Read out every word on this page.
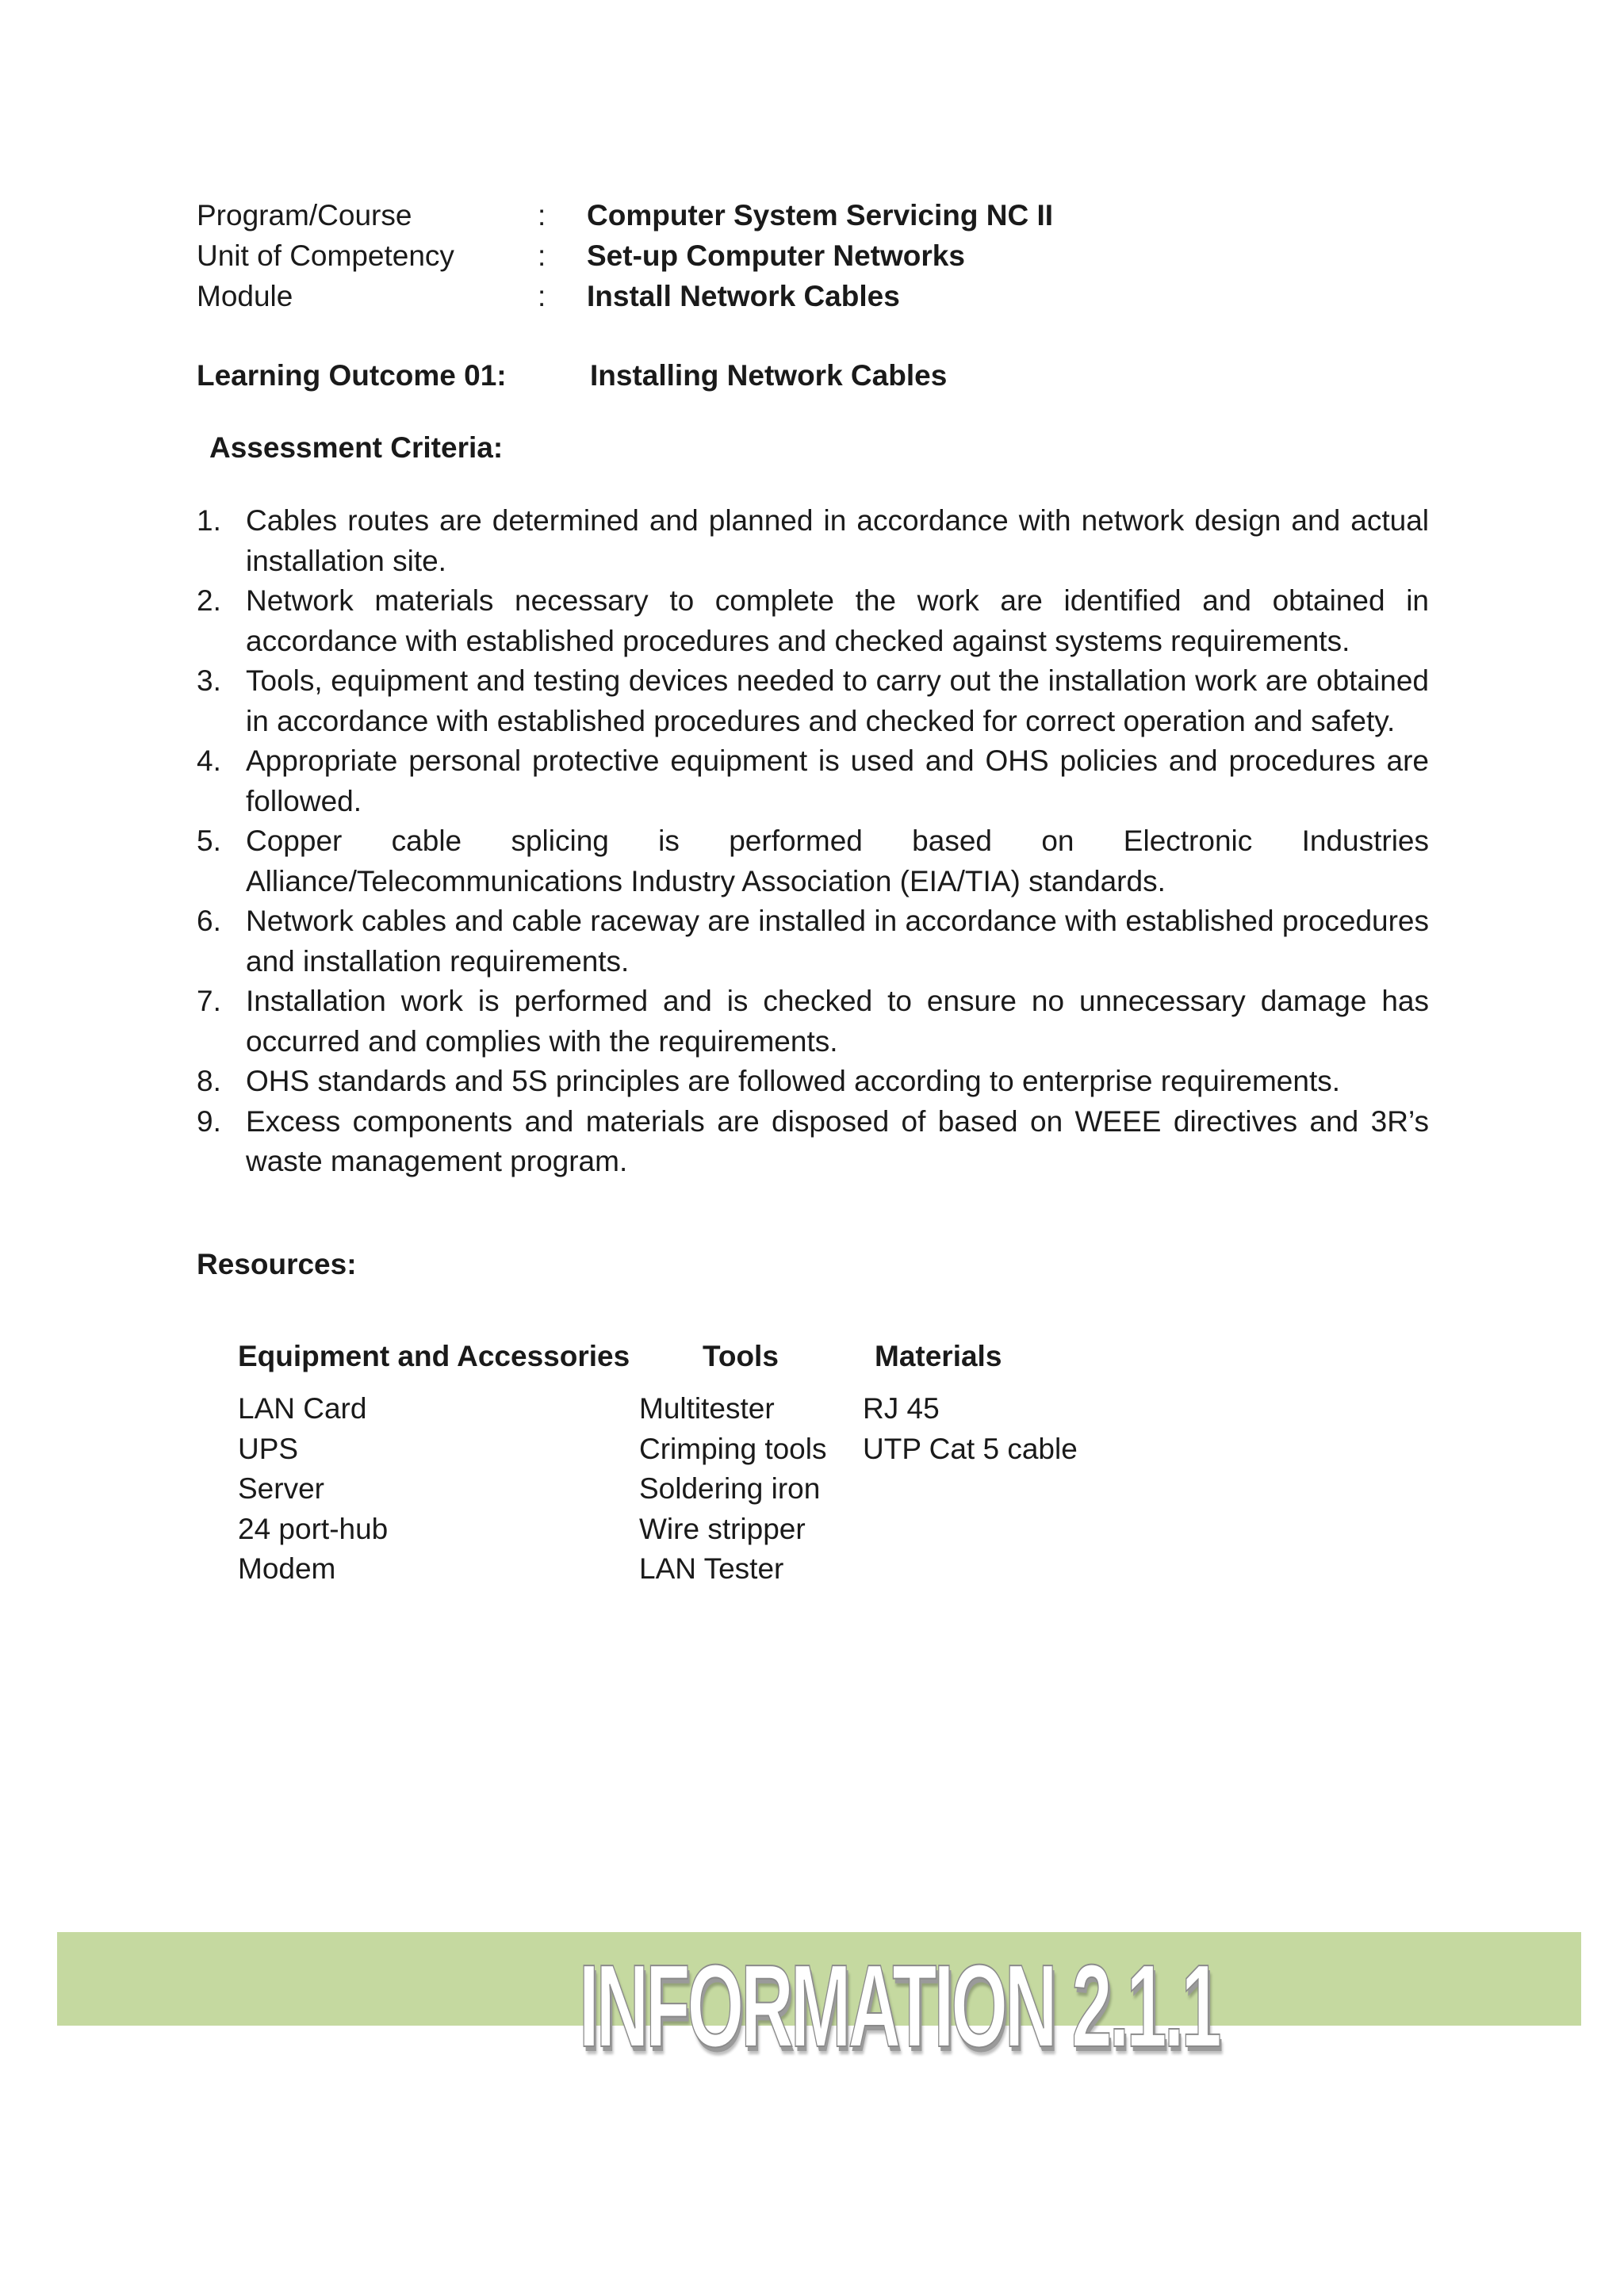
Program/Course	:	Computer System Servicing NC II
Unit of Competency	:	Set-up Computer Networks
Module	:	Install Network Cables
Learning Outcome 01:	Installing Network Cables
Assessment Criteria:
1. Cables routes are determined and planned in accordance with network design and actual installation site.
2. Network materials necessary to complete the work are identified and obtained in accordance with established procedures and checked against systems requirements.
3. Tools, equipment and testing devices needed to carry out the installation work are obtained in accordance with established procedures and checked for correct operation and safety.
4. Appropriate personal protective equipment is used and OHS policies and procedures are followed.
5. Copper cable splicing is performed based on Electronic Industries Alliance/Telecommunications Industry Association (EIA/TIA) standards.
6. Network cables and cable raceway are installed in accordance with established procedures and installation requirements.
7. Installation work is performed and is checked to ensure no unnecessary damage has occurred and complies with the requirements.
8. OHS standards and 5S principles are followed according to enterprise requirements.
9. Excess components and materials are disposed of based on WEEE directives and 3R’s waste management program.
Resources:
Equipment and Accessories	Tools	Materials
LAN Card	Multitester	RJ 45
UPS	Crimping tools	UTP Cat 5 cable
Server	Soldering iron
24 port-hub	Wire stripper
Modem	LAN Tester
INFORMATION 2.1.1
